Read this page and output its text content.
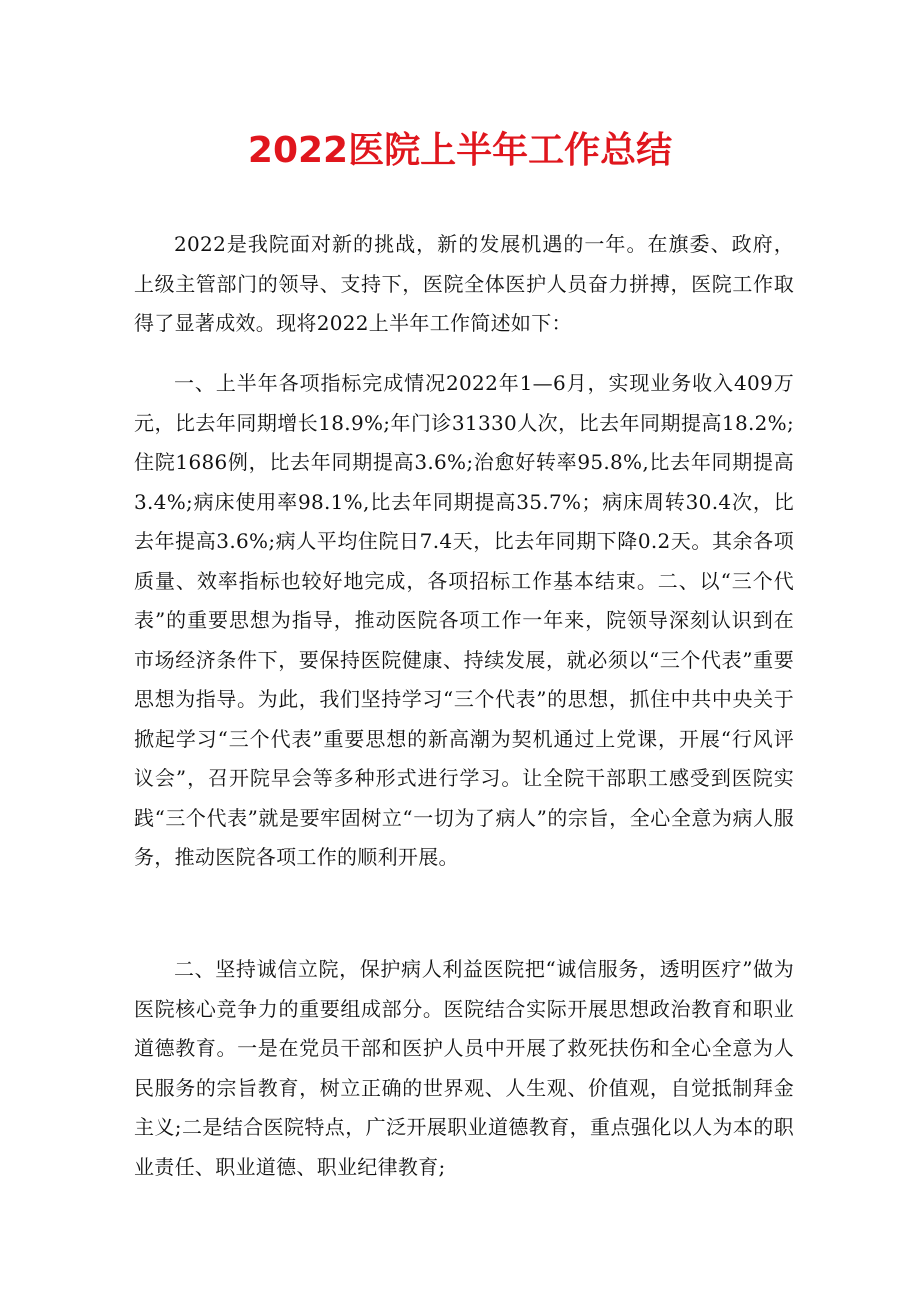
2022医院上半年工作总结

2022是我院面对新的挑战，新的发展机遇的一年。在旗委、政府，上级主管部门的领导、支持下，医院全体医护人员奋力拼搏，医院工作取得了显著成效。现将2022上半年工作简述如下：

一、上半年各项指标完成情况2022年1—6月，实现业务收入409万元，比去年同期增长18.9%;年门诊31330人次，比去年同期提高18.2%;住院1686例，比去年同期提高3.6%;治愈好转率95.8%,比去年同期提高3.4%;病床使用率98.1%,比去年同期提高35.7%；病床周转30.4次，比去年提高3.6%;病人平均住院日7.4天，比去年同期下降0.2天。其余各项质量、效率指标也较好地完成，各项招标工作基本结束。二、以“三个代表”的重要思想为指导，推动医院各项工作一年来，院领导深刻认识到在市场经济条件下，要保持医院健康、持续发展，就必须以“三个代表”重要思想为指导。为此，我们坚持学习“三个代表”的思想，抓住中共中央关于掀起学习“三个代表”重要思想的新高潮为契机通过上党课，开展“行风评议会”，召开院早会等多种形式进行学习。让全院干部职工感受到医院实践“三个代表”就是要牢固树立“一切为了病人”的宗旨，全心全意为病人服务，推动医院各项工作的顺利开展。

二、坚持诚信立院，保护病人利益医院把“诚信服务，透明医疗”做为医院核心竞争力的重要组成部分。医院结合实际开展思想政治教育和职业道德教育。一是在党员干部和医护人员中开展了救死扶伤和全心全意为人民服务的宗旨教育，树立正确的世界观、人生观、价值观，自觉抵制拜金主义;二是结合医院特点，广泛开展职业道德教育，重点强化以人为本的职业责任、职业道德、职业纪律教育;
